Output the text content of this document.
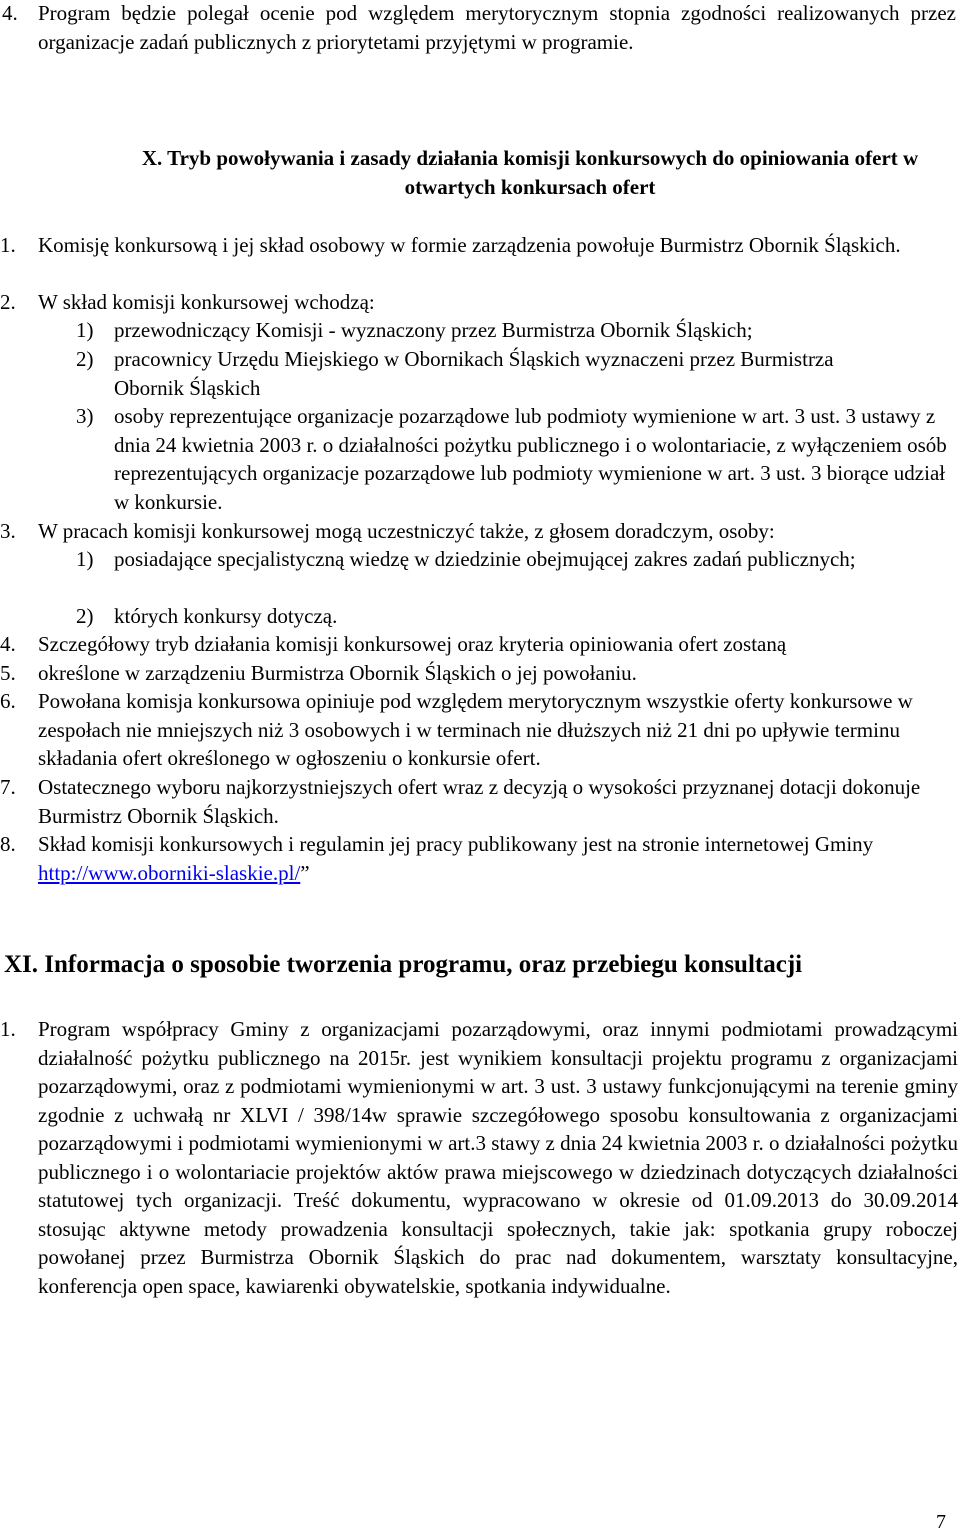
4. Program będzie polegał ocenie pod względem merytorycznym stopnia zgodności realizowanych przez organizacje zadań publicznych z priorytetami przyjętymi w programie.
X. Tryb powoływania i zasady działania komisji konkursowych do opiniowania ofert w otwartych konkursach ofert
1. Komisję konkursową i jej skład osobowy w formie zarządzenia powołuje Burmistrz Obornik Śląskich.
2. W skład komisji konkursowej wchodzą:
1) przewodniczący Komisji - wyznaczony przez Burmistrza Obornik Śląskich;
2) pracownicy Urzędu Miejskiego w Obornikach Śląskich wyznaczeni przez Burmistrza Obornik Śląskich
3) osoby reprezentujące organizacje pozarządowe lub podmioty wymienione w art. 3 ust. 3 ustawy z dnia 24 kwietnia 2003 r. o działalności pożytku publicznego i o wolontariacie, z wyłączeniem osób reprezentujących organizacje pozarządowe lub podmioty wymienione w art. 3 ust. 3 biorące udział w konkursie.
3. W pracach komisji konkursowej mogą uczestniczyć także, z głosem doradczym, osoby:
1) posiadające specjalistyczną wiedzę w dziedzinie obejmującej zakres zadań publicznych;
2) których konkursy dotyczą.
4. Szczegółowy tryb działania komisji konkursowej oraz kryteria opiniowania ofert zostaną
5. określone w zarządzeniu Burmistrza Obornik Śląskich o jej powołaniu.
6. Powołana komisja konkursowa opiniuje pod względem merytorycznym wszystkie oferty konkursowe w zespołach nie mniejszych niż 3 osobowych i w terminach nie dłuższych niż 21 dni po upływie terminu składania ofert określonego w ogłoszeniu o konkursie ofert.
7. Ostatecznego wyboru najkorzystniejszych ofert wraz z decyzją o wysokości przyznanej dotacji dokonuje Burmistrz Obornik Śląskich.
8. Skład komisji konkursowych i regulamin jej pracy publikowany jest na stronie internetowej Gminy http://www.oborniki-slaskie.pl/”
XI. Informacja o sposobie tworzenia programu, oraz przebiegu konsultacji
1. Program współpracy Gminy z organizacjami pozarządowymi, oraz innymi podmiotami prowadzącymi działalność pożytku publicznego na 2015r. jest wynikiem konsultacji projektu programu z organizacjami pozarządowymi, oraz z podmiotami wymienionymi w art. 3 ust. 3 ustawy funkcjonującymi na terenie gminy zgodnie z uchwałą nr XLVI / 398/14w sprawie szczegółowego sposobu konsultowania z organizacjami pozarządowymi i podmiotami wymienionymi w art.3 stawy z dnia 24 kwietnia 2003 r. o działalności pożytku publicznego i o wolontariacie projektów aktów prawa miejscowego w dziedzinach dotyczących działalności statutowej tych organizacji. Treść dokumentu, wypracowano w okresie od 01.09.2013 do 30.09.2014 stosując aktywne metody prowadzenia konsultacji społecznych, takie jak: spotkania grupy roboczej powołanej przez Burmistrza Obornik Śląskich do prac nad dokumentem, warsztaty konsultacyjne, konferencja open space, kawiarenki obywatelskie, spotkania indywidualne.
7
